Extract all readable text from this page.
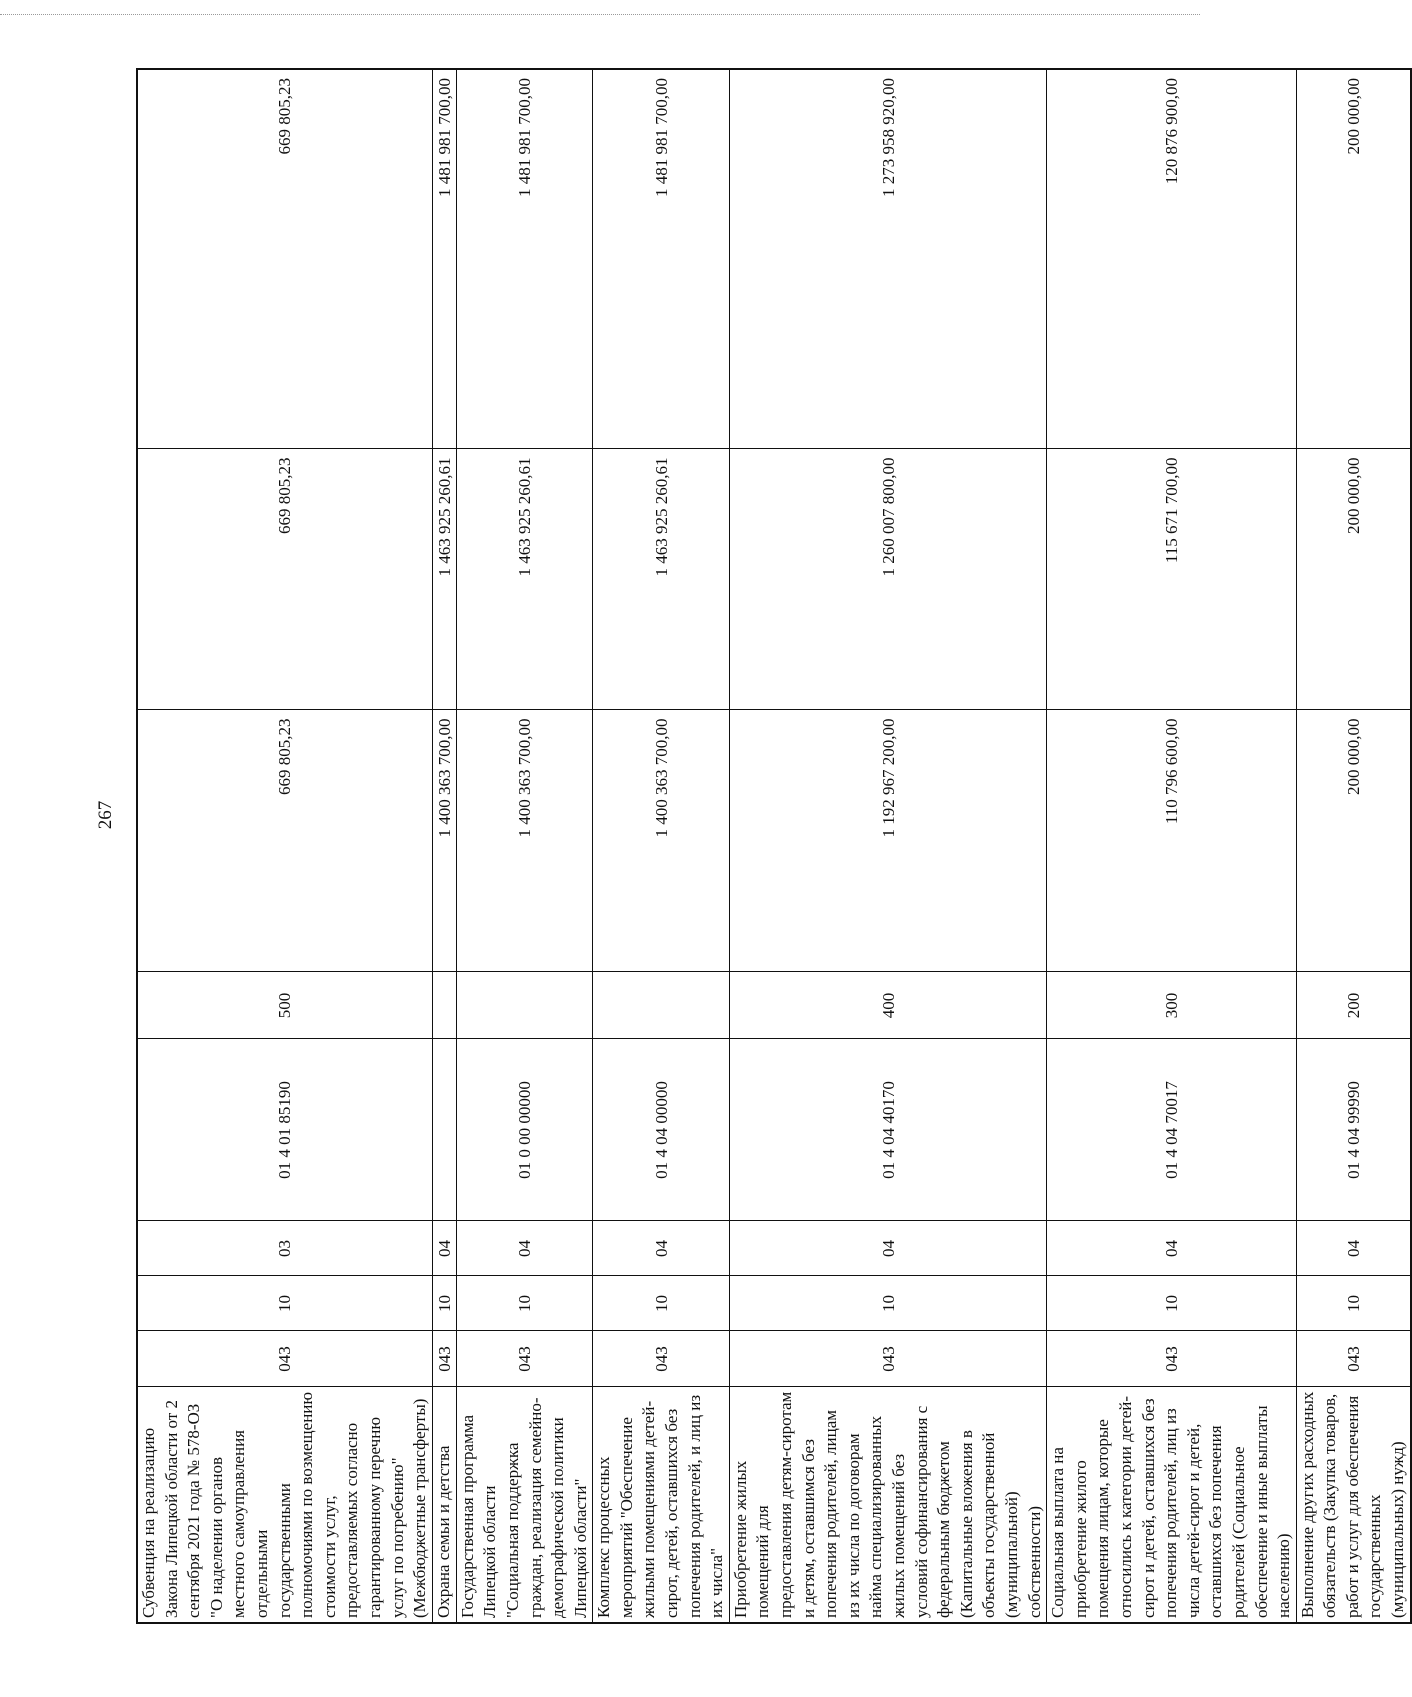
267
Субвенция на реализацию Закона Липецкой области от 2 сентября 2021 года № 578-ОЗ "О наделении органов местного самоуправления отдельными государственными полномочиями по возмещению стоимости услуг, предоставляемых согласно гарантированному перечню услуг по погребению" (Межбюджетные трансферты)	043	10	03	01 4 01 85190	500	669 805,23	669 805,23	669 805,23
Охрана семьи и детства	043	10	04			1 400 363 700,00	1 463 925 260,61	1 481 981 700,00
Государственная программа Липецкой области "Социальная поддержка граждан, реализация семейно-демографической политики Липецкой области"	043	10	04	01 0 00 00000		1 400 363 700,00	1 463 925 260,61	1 481 981 700,00
Комплекс процессных мероприятий "Обеспечение жилыми помещениями детей-сирот, детей, оставшихся без попечения родителей, и лиц из их числа"	043	10	04	01 4 04 00000		1 400 363 700,00	1 463 925 260,61	1 481 981 700,00
Приобретение жилых помещений для предоставления детям-сиротам и детям, оставшимся без попечения родителей, лицам из их числа по договорам найма специализированных жилых помещений без условий софинансирования с федеральным бюджетом (Капитальные вложения в объекты государственной (муниципальной) собственности)	043	10	04	01 4 04 40170	400	1 192 967 200,00	1 260 007 800,00	1 273 958 920,00
Социальная выплата на приобретение жилого помещения лицам, которые относились к категории детей-сирот и детей, оставшихся без попечения родителей, лиц из числа детей-сирот и детей, оставшихся без попечения родителей (Социальное обеспечение и иные выплаты населению)	043	10	04	01 4 04 70017	300	110 796 600,00	115 671 700,00	120 876 900,00
Выполнение других расходных обязательств (Закупка товаров, работ и услуг для обеспечения государственных (муниципальных) нужд)	043	10	04	01 4 04 99990	200	200 000,00	200 000,00	200 000,00
